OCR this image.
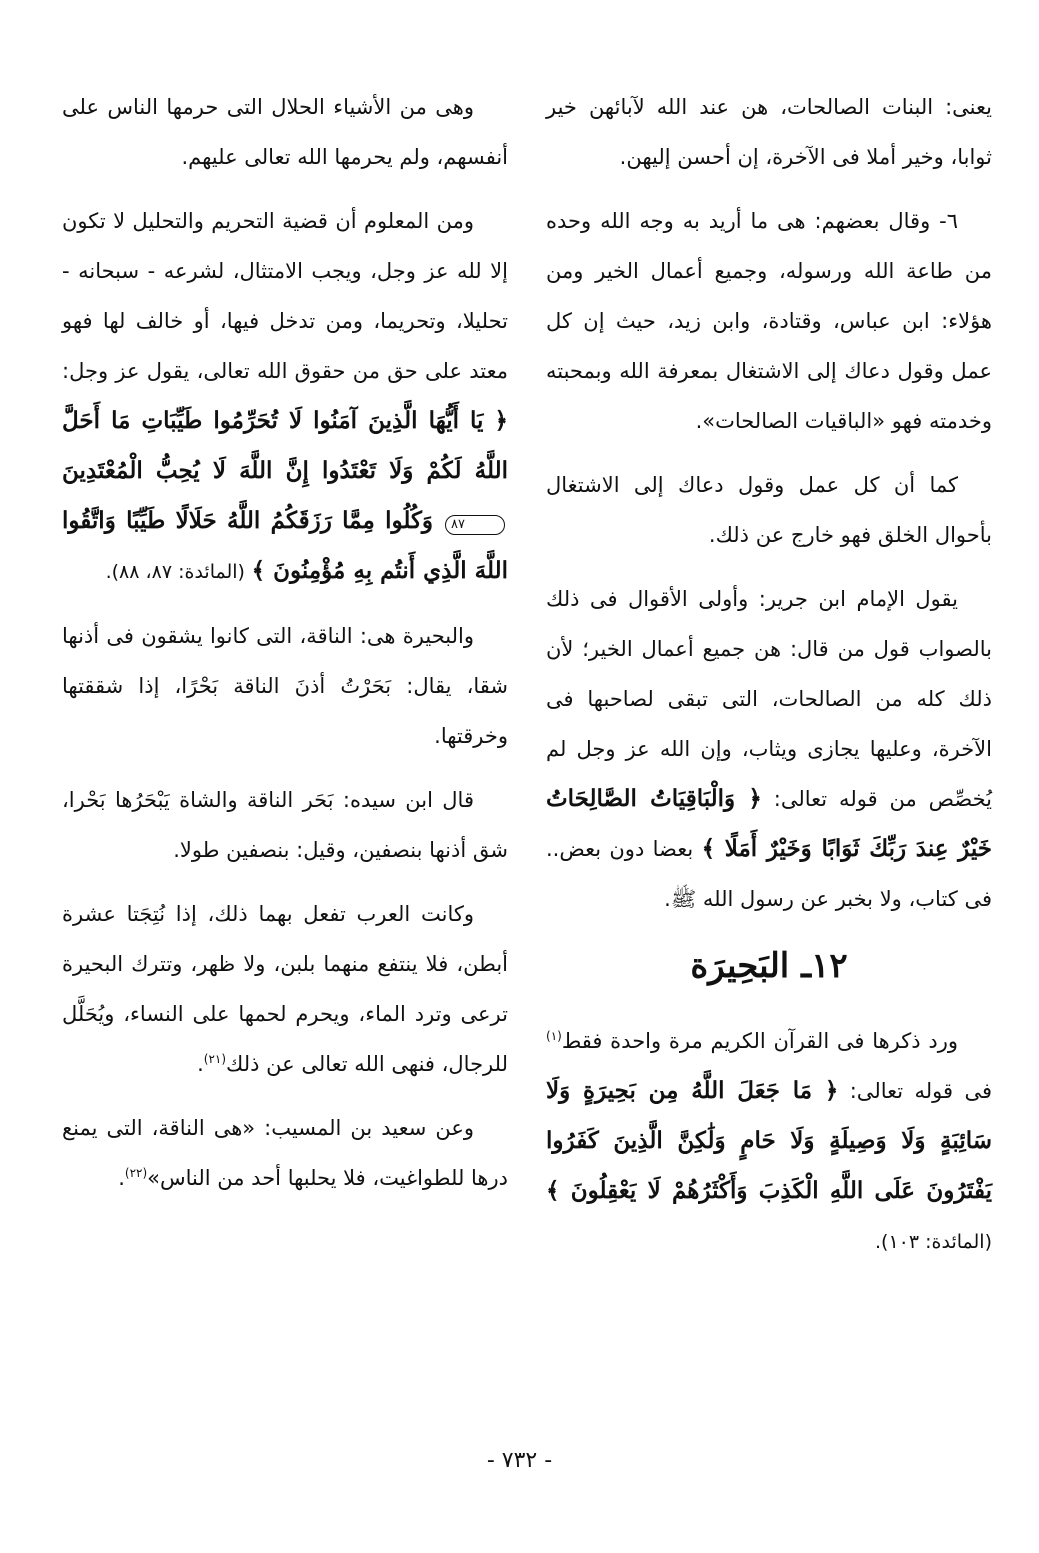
يعنى: البنات الصالحات، هن عند الله لآبائهن خير ثوابا، وخير أملا فى الآخرة، إن أحسن إليهن.

٦- وقال بعضهم: هى ما أريد به وجه الله وحده من طاعة الله ورسوله، وجميع أعمال الخير ومن هؤلاء: ابن عباس، وقتادة، وابن زيد، حيث إن كل عمل وقول دعاك إلى الاشتغال بمعرفة الله وبمحبته وخدمته فهو «الباقيات الصالحات».

كما أن كل عمل وقول دعاك إلى الاشتغال بأحوال الخلق فهو خارج عن ذلك.

يقول الإمام ابن جرير: وأولى الأقوال فى ذلك بالصواب قول من قال: هن جميع أعمال الخير؛ لأن ذلك كله من الصالحات، التى تبقى لصاحبها فى الآخرة، وعليها يجازى ويثاب، وإن الله عز وجل لم يُخصِّص من قوله تعالى: ﴿ وَالْبَاقِيَاتُ الصَّالِحَاتُ خَيْرٌ عِندَ رَبِّكَ ثَوَابًا وَخَيْرٌ أَمَلًا ﴾ بعضا دون بعض.. فى كتاب، ولا بخبر عن رسول الله ﷺ.

١٢ـ البَحِيرَة

ورد ذكرها فى القرآن الكريم مرة واحدة فقط$^{(١)}$ فى قوله تعالى: ﴿ مَا جَعَلَ اللَّهُ مِن بَحِيرَةٍ وَلَا سَائِبَةٍ وَلَا وَصِيلَةٍ وَلَا حَامٍ وَلَٰكِنَّ الَّذِينَ كَفَرُوا يَفْتَرُونَ عَلَى اللَّهِ الْكَذِبَ وَأَكْثَرُهُمْ لَا يَعْقِلُونَ ﴾ (المائدة: ١٠٣).

وهى من الأشياء الحلال التى حرمها الناس على أنفسهم، ولم يحرمها الله تعالى عليهم.

ومن المعلوم أن قضية التحريم والتحليل لا تكون إلا لله عز وجل، ويجب الامتثال، لشرعه - سبحانه - تحليلا، وتحريما، ومن تدخل فيها، أو خالف لها فهو معتد على حق من حقوق الله تعالى، يقول عز وجل: ﴿ يَا أَيُّهَا الَّذِينَ آمَنُوا لَا تُحَرِّمُوا طَيِّبَاتِ مَا أَحَلَّ اللَّهُ لَكُمْ وَلَا تَعْتَدُوا إِنَّ اللَّهَ لَا يُحِبُّ الْمُعْتَدِينَ ٨٧ وَكُلُوا مِمَّا رَزَقَكُمُ اللَّهُ حَلَالًا طَيِّبًا وَاتَّقُوا اللَّهَ الَّذِي أَنتُم بِهِ مُؤْمِنُونَ ﴾ (المائدة: ٨٧، ٨٨).

والبحيرة هى: الناقة، التى كانوا يشقون فى أذنها شقا، يقال: بَحَرْتُ أذنَ الناقة بَحْرًا، إذا شققتها وخرقتها.

قال ابن سيده: بَحَر الناقة والشاة يَبْحَرُها بَحْرا، شق أذنها بنصفين، وقيل: بنصفين طولا.

وكانت العرب تفعل بهما ذلك، إذا نُتِجَتا عشرة أبطن، فلا ينتفع منهما بلبن، ولا ظهر، وتترك البحيرة ترعى وترد الماء، ويحرم لحمها على النساء، ويُحَلَّل للرجال، فنهى الله تعالى عن ذلك$^{(٢١)}$.

وعن سعيد بن المسيب: «هى الناقة، التى يمنع درها للطواغيت، فلا يحلبها أحد من الناس»$^{(٢٢)}$.

- ٧٣٢ -
